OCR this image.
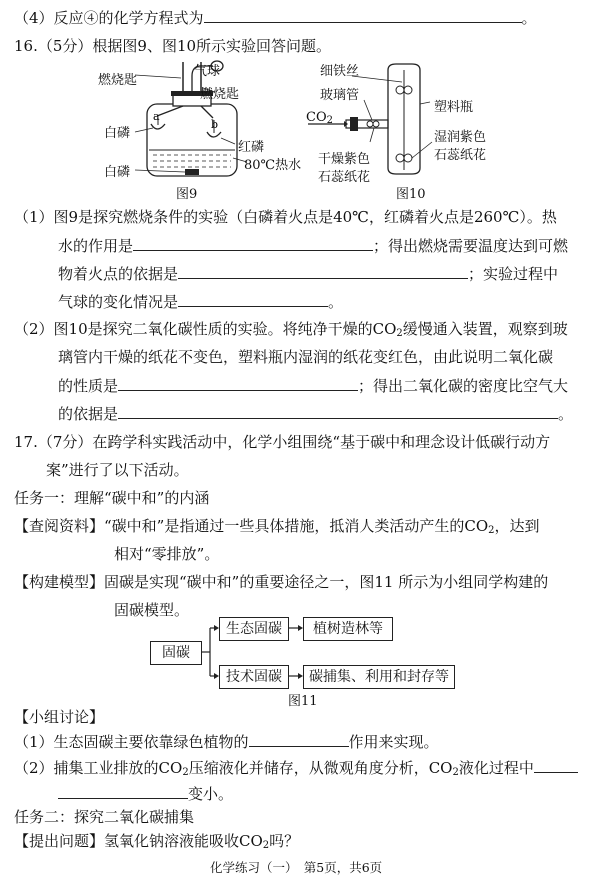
（4）反应④的化学方程式为	。
16.（5分）根据图9、图10所示实验回答问题。
a
b
燃烧匙
气球
燃烧匙
白磷
红磷
白磷	80℃热水
图9
细铁丝
玻璃管
$CO_2$
塑料瓶
湿润紫色
石蕊纸花
干燥紫色
石蕊纸花
图10
（1）图9是探究燃烧条件的实验（白磷着火点是40℃，红磷着火点是260℃）。热
水的作用是	；得出燃烧需要温度达到可燃
物着火点的依据是	；实验过程中
气球的变化情况是	。
（2）图10是探究二氧化碳性质的实验。将纯净干燥的$CO_2$缓慢通入装置，观察到玻
璃管内干燥的纸花不变色，塑料瓶内湿润的纸花变红色，由此说明二氧化碳
的性质是	；得出二氧化碳的密度比空气大
的依据是	。
17.（7分）在跨学科实践活动中，化学小组围绕“基于碳中和理念设计低碳行动方
案”进行了以下活动。
任务一：理解“碳中和”的内涵
【查阅资料】“碳中和”是指通过一些具体措施，抵消人类活动产生的$CO_2$，达到
相对“零排放”。
【构建模型】固碳是实现“碳中和”的重要途径之一，图11 所示为小组同学构建的
固碳模型。
固碳
生态固碳	植树造林等
技术固碳	碳捕集、利用和封存等
图11
【小组讨论】
（1）生态固碳主要依靠绿色植物的	作用来实现。
（2）捕集工业排放的$CO_2$压缩液化并储存，从微观角度分析，$CO_2$液化过程中
变小。
任务二：探究二氧化碳捕集
【提出问题】氢氧化钠溶液能吸收$CO_2$吗？
化学练习（一）　第5页，共6页
